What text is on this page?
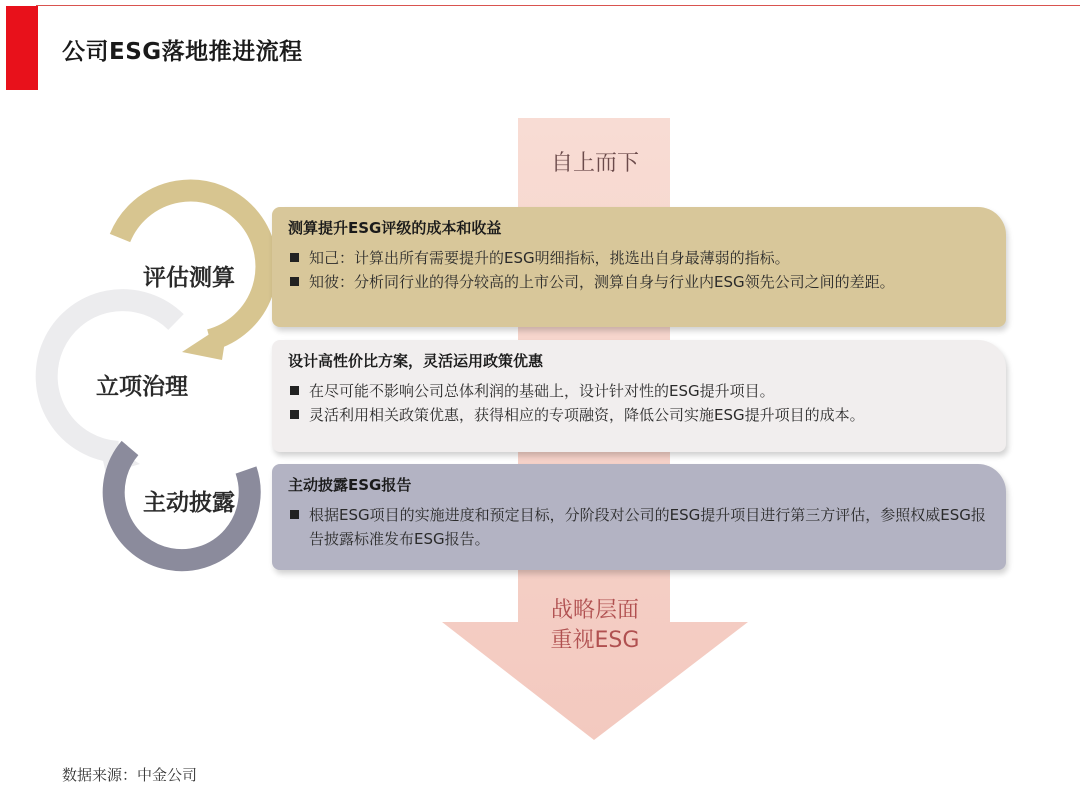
公司ESG落地推进流程
自上而下
战略层面
重视ESG
评估测算
立项治理
主动披露
测算提升ESG评级的成本和收益
知己：计算出所有需要提升的ESG明细指标，挑选出自身最薄弱的指标。
知彼：分析同行业的得分较高的上市公司，测算自身与行业内ESG领先公司之间的差距。
设计高性价比方案，灵活运用政策优惠
在尽可能不影响公司总体利润的基础上，设计针对性的ESG提升项目。
灵活利用相关政策优惠，获得相应的专项融资，降低公司实施ESG提升项目的成本。
主动披露ESG报告
根据ESG项目的实施进度和预定目标，分阶段对公司的ESG提升项目进行第三方评估，参照权威ESG报告披露标准发布ESG报告。
数据来源：中金公司
